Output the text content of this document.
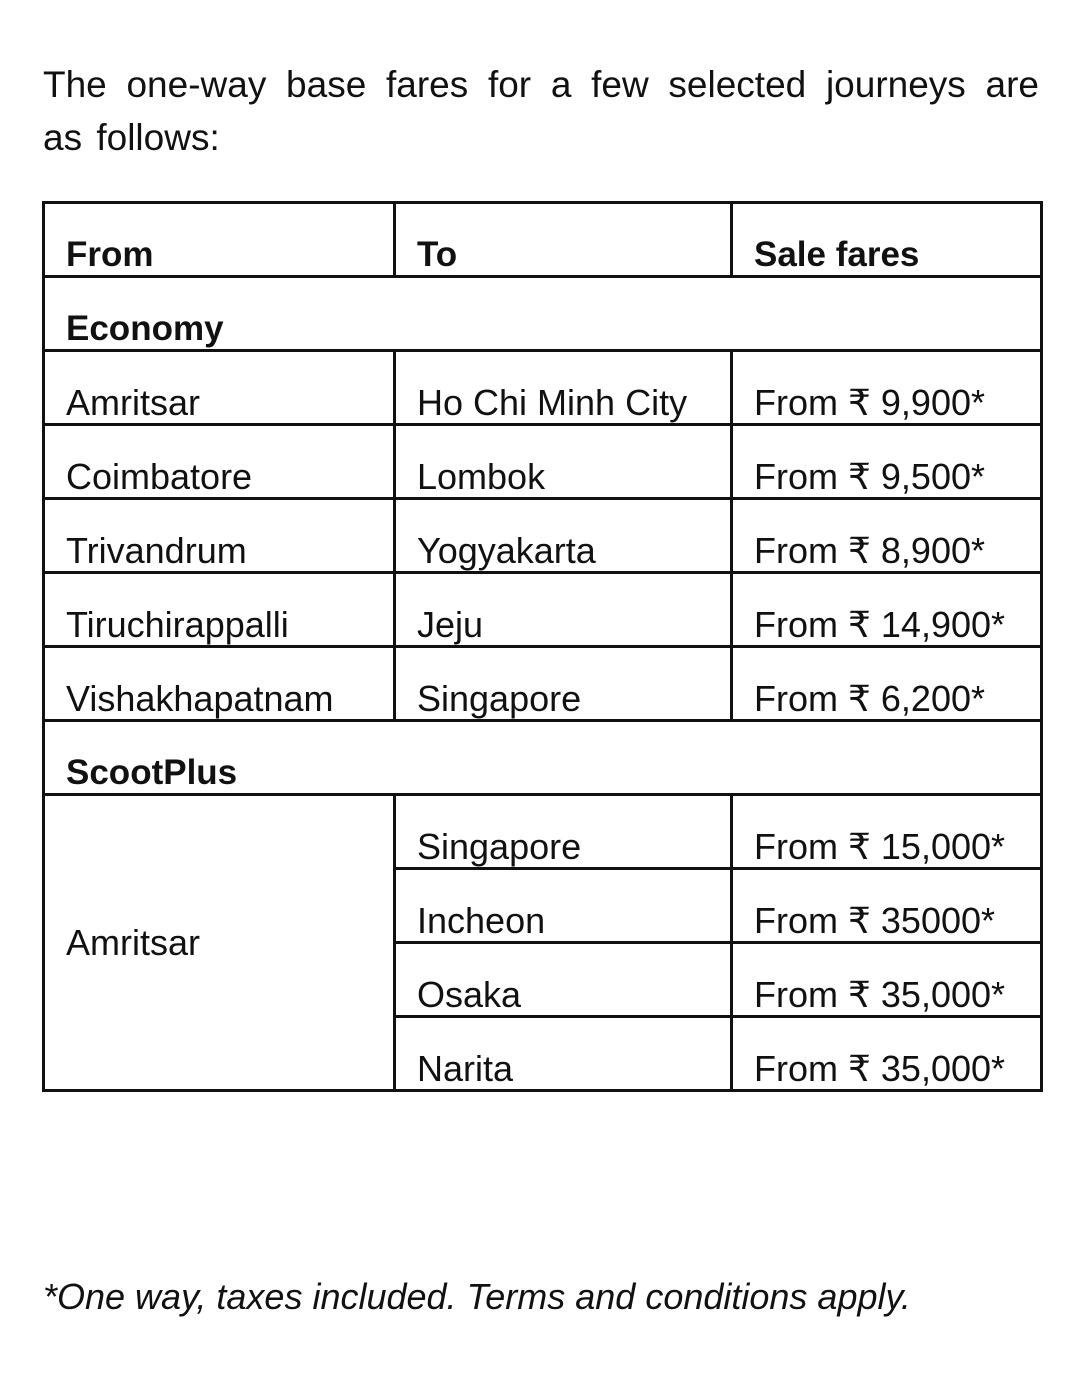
The one-way base fares for a few selected journeys are as follows:

From	To	Sale fares
Economy		
Amritsar	Ho Chi Minh City	From ₹ 9,900*
Coimbatore	Lombok	From ₹ 9,500*
Trivandrum	Yogyakarta	From ₹ 8,900*
Tiruchirappalli	Jeju	From ₹ 14,900*
Vishakhapatnam	Singapore	From ₹ 6,200*
ScootPlus		
Amritsar	Singapore	From ₹ 15,000*
	Incheon	From ₹ 35000*
	Osaka	From ₹ 35,000*
	Narita	From ₹ 35,000*

*One way, taxes included. Terms and conditions apply.
